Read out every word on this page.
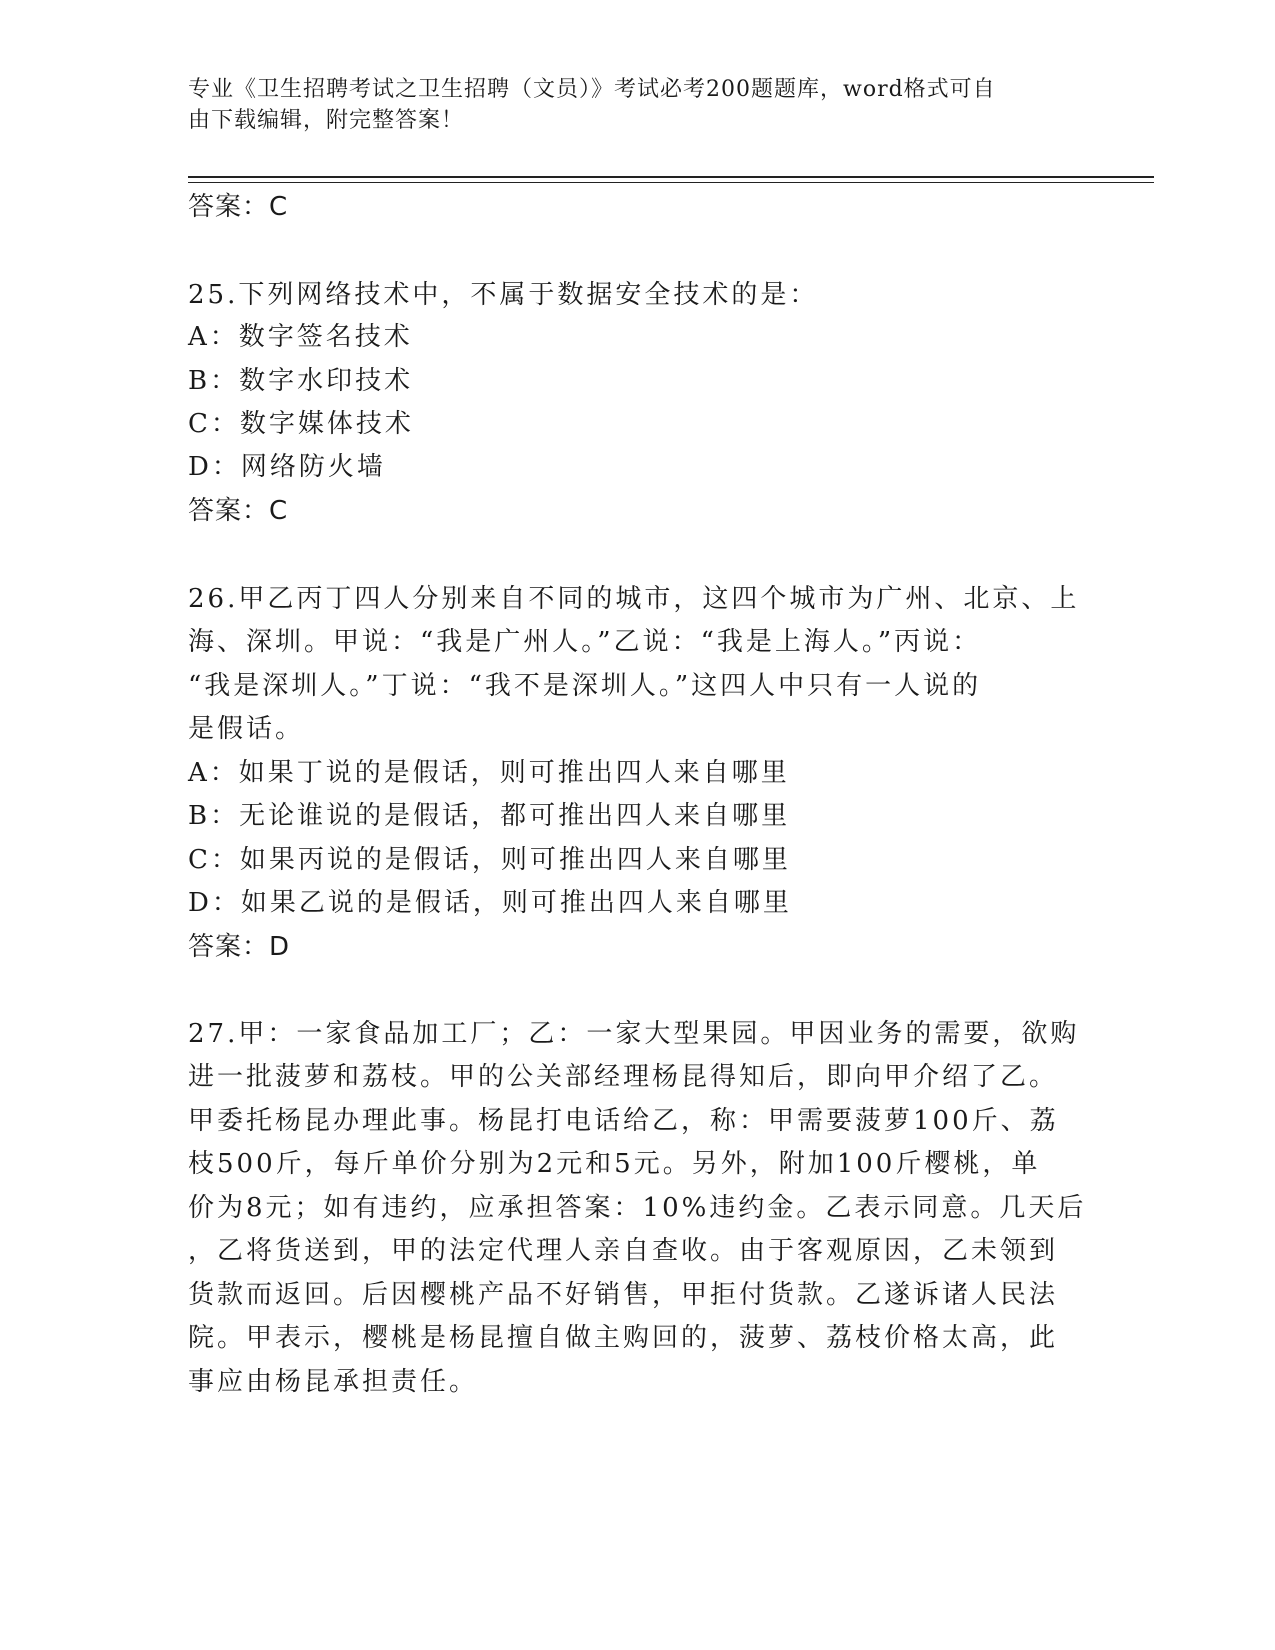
专业《卫生招聘考试之卫生招聘（文员）》考试必考200题题库，word格式可自
由下载编辑，附完整答案！
答案：C
25.下列网络技术中，不属于数据安全技术的是：
A：数字签名技术
B：数字水印技术
C：数字媒体技术
D：网络防火墙
答案：C
26.甲乙丙丁四人分别来自不同的城市，这四个城市为广州、北京、上
海、深圳。甲说：“我是广州人。”乙说：“我是上海人。”丙说：
“我是深圳人。”丁说：“我不是深圳人。”这四人中只有一人说的
是假话。
A：如果丁说的是假话，则可推出四人来自哪里
B：无论谁说的是假话，都可推出四人来自哪里
C：如果丙说的是假话，则可推出四人来自哪里
D：如果乙说的是假话，则可推出四人来自哪里
答案：D
27.甲：一家食品加工厂；乙：一家大型果园。甲因业务的需要，欲购
进一批菠萝和荔枝。甲的公关部经理杨昆得知后，即向甲介绍了乙。
甲委托杨昆办理此事。杨昆打电话给乙，称：甲需要菠萝100斤、荔
枝500斤，每斤单价分别为2元和5元。另外，附加100斤樱桃，单
价为8元；如有违约，应承担答案：10%违约金。乙表示同意。几天后
，乙将货送到，甲的法定代理人亲自查收。由于客观原因，乙未领到
货款而返回。后因樱桃产品不好销售，甲拒付货款。乙遂诉诸人民法
院。甲表示，樱桃是杨昆擅自做主购回的，菠萝、荔枝价格太高，此
事应由杨昆承担责任。
